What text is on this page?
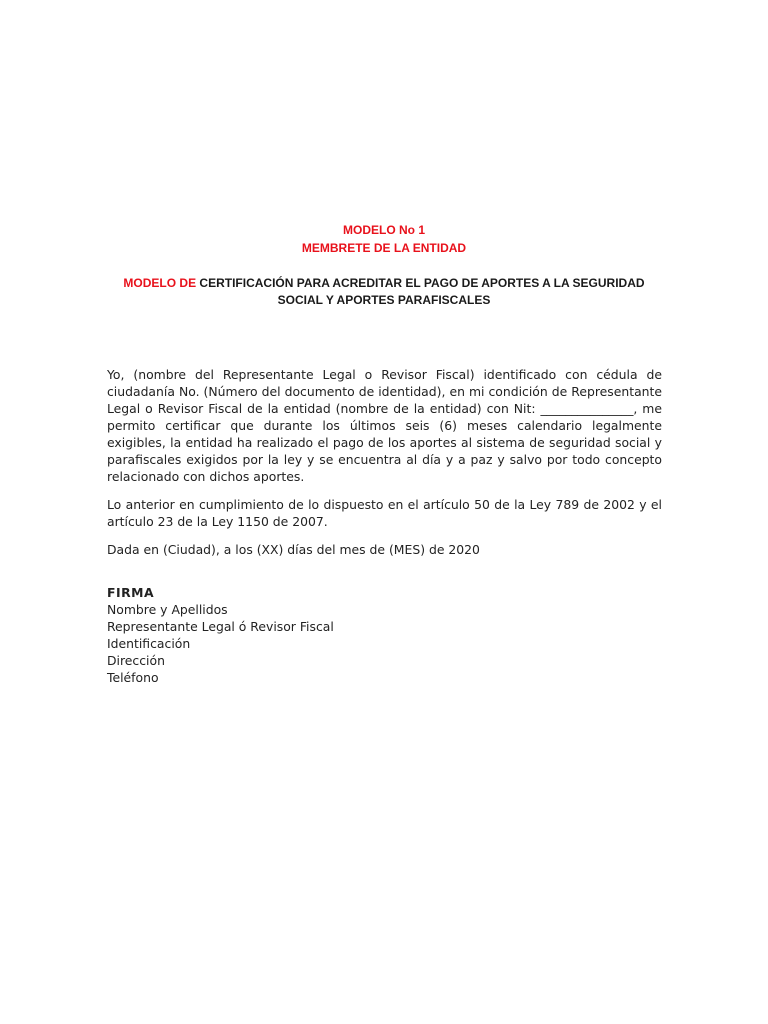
MODELO No 1
MEMBRETE DE LA ENTIDAD
MODELO DE CERTIFICACIÓN PARA ACREDITAR EL PAGO DE APORTES A LA SEGURIDAD SOCIAL Y APORTES PARAFISCALES
Yo, (nombre del Representante Legal o Revisor Fiscal) identificado con cédula de ciudadanía No. (Número del documento de identidad), en mi condición de Representante Legal o Revisor Fiscal de la entidad (nombre de la entidad) con Nit: _______________, me permito certificar que durante los últimos seis (6) meses calendario legalmente exigibles, la entidad ha realizado el pago de los aportes al sistema de seguridad social y parafiscales exigidos por la ley y se encuentra al día y a paz y salvo por todo concepto relacionado con dichos aportes.
Lo anterior en cumplimiento de lo dispuesto en el artículo 50 de la Ley 789 de 2002 y el artículo 23 de la Ley 1150 de 2007.
Dada en (Ciudad), a los (XX) días del mes de (MES) de 2020
FIRMA
Nombre y Apellidos
Representante Legal ó Revisor Fiscal
Identificación
Dirección
Teléfono
